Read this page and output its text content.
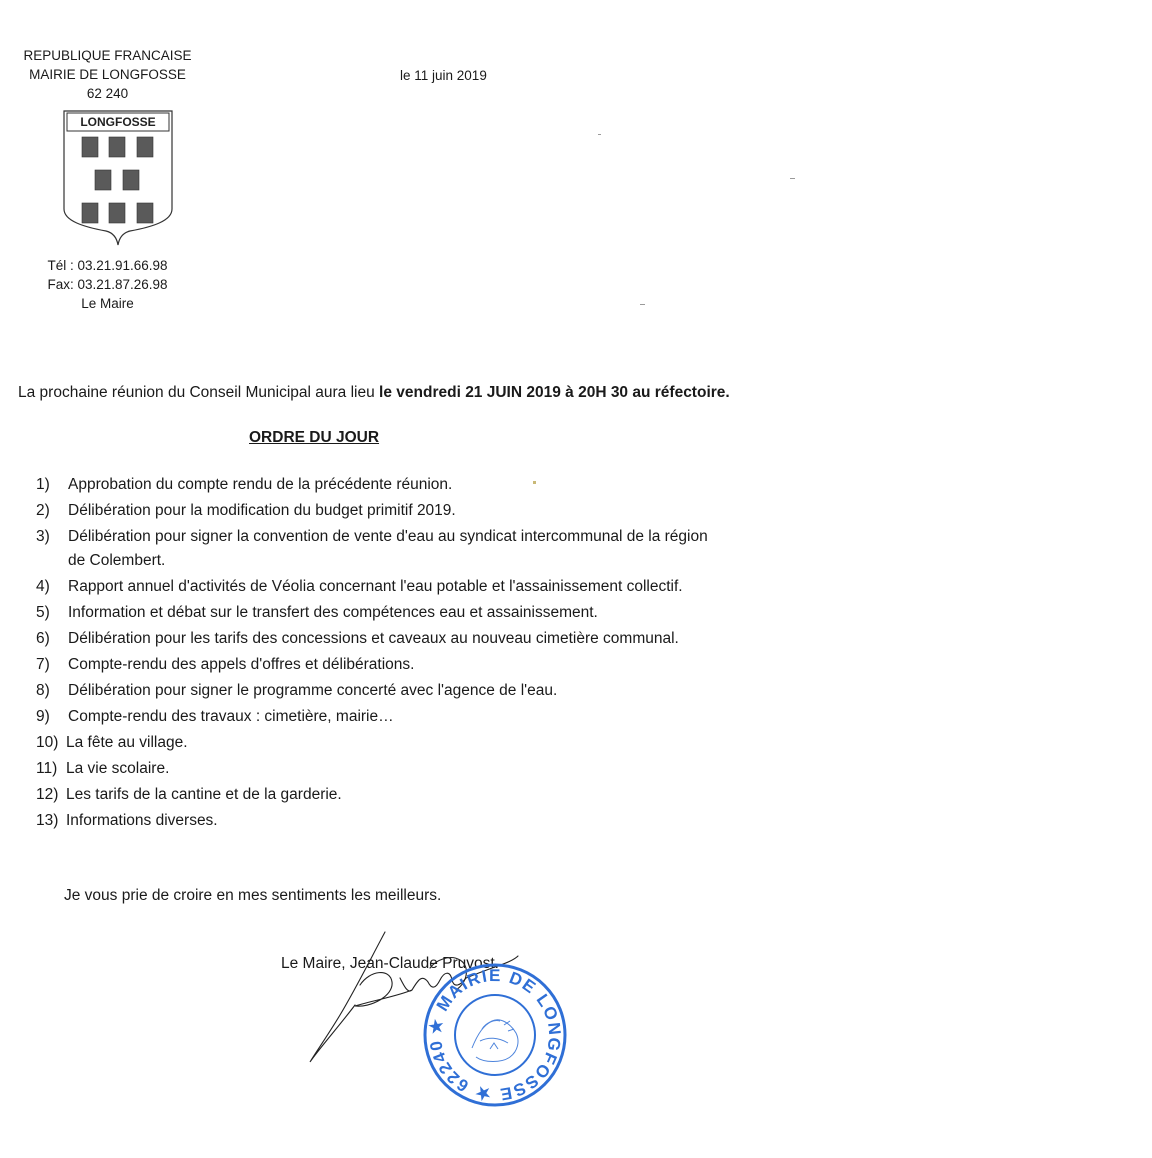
REPUBLIQUE FRANCAISE
MAIRIE DE LONGFOSSE
62 240
LONGFOSSE
Tél : 03.21.91.66.98
Fax: 03.21.87.26.98
Le Maire
le 11 juin 2019
La prochaine réunion du Conseil Municipal aura lieu le vendredi 21 JUIN 2019 à 20H 30 au réfectoire.
ORDRE DU JOUR
1)	Approbation du compte rendu de la précédente réunion.
2)	Délibération pour la modification du budget primitif 2019.
3)	Délibération pour signer la convention de vente d'eau au syndicat intercommunal de la région de Colembert.
4)	Rapport annuel d'activités de Véolia concernant l'eau potable et l'assainissement collectif.
5)	Information et débat sur le transfert des compétences eau et assainissement.
6)	Délibération pour les tarifs des concessions et caveaux au nouveau cimetière communal.
7)	Compte-rendu des appels d'offres et délibérations.
8)	Délibération pour signer le programme concerté avec l'agence de l'eau.
9)	Compte-rendu des travaux : cimetière, mairie…
10) La fête au village.
11) La vie scolaire.
12) Les tarifs de la cantine et de la garderie.
13) Informations diverses.
Je vous prie de croire en mes sentiments les meilleurs.
Le Maire, Jean-Claude Pruvost.
★ MAIRIE DE LONGFOSSE ★ 62240
